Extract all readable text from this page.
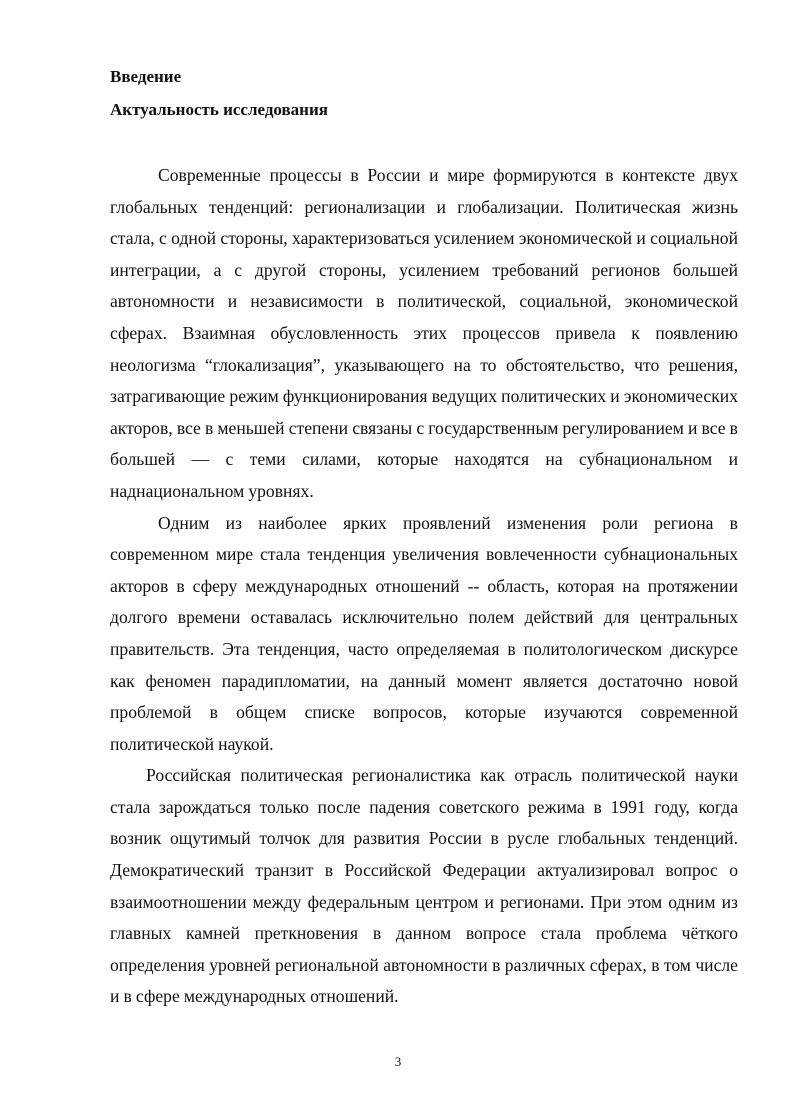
Введение
Актуальность исследования

Современные процессы в России и мире формируются в контексте двух глобальных тенденций: регионализации и глобализации. Политическая жизнь стала, с одной стороны, характеризоваться усилением экономической и социальной интеграции, а с другой стороны, усилением требований регионов большей автономности и независимости в политической, социальной, экономической сферах. Взаимная обусловленность этих процессов привела к появлению неологизма “глокализация”, указывающего на то обстоятельство, что решения, затрагивающие режим функционирования ведущих политических и экономических акторов, все в меньшей степени связаны с государственным регулированием и все в большей — с теми силами, которые находятся на субнациональном и наднациональном уровнях.

Одним из наиболее ярких проявлений изменения роли региона в современном мире стала тенденция увеличения вовлеченности субнациональных акторов в сферу международных отношений -- область, которая на протяжении долгого времени оставалась исключительно полем действий для центральных правительств. Эта тенденция, часто определяемая в политологическом дискурсе как феномен парадипломатии, на данный момент является достаточно новой проблемой в общем списке вопросов, которые изучаются современной политической наукой.

Российская политическая регионалистика как отрасль политической науки стала зарождаться только после падения советского режима в 1991 году, когда возник ощутимый толчок для развития России в русле глобальных тенденций. Демократический транзит в Российской Федерации актуализировал вопрос о взаимоотношении между федеральным центром и регионами. При этом одним из главных камней преткновения в данном вопросе стала проблема чёткого определения уровней региональной автономности в различных сферах, в том числе и в сфере международных отношений.

3
